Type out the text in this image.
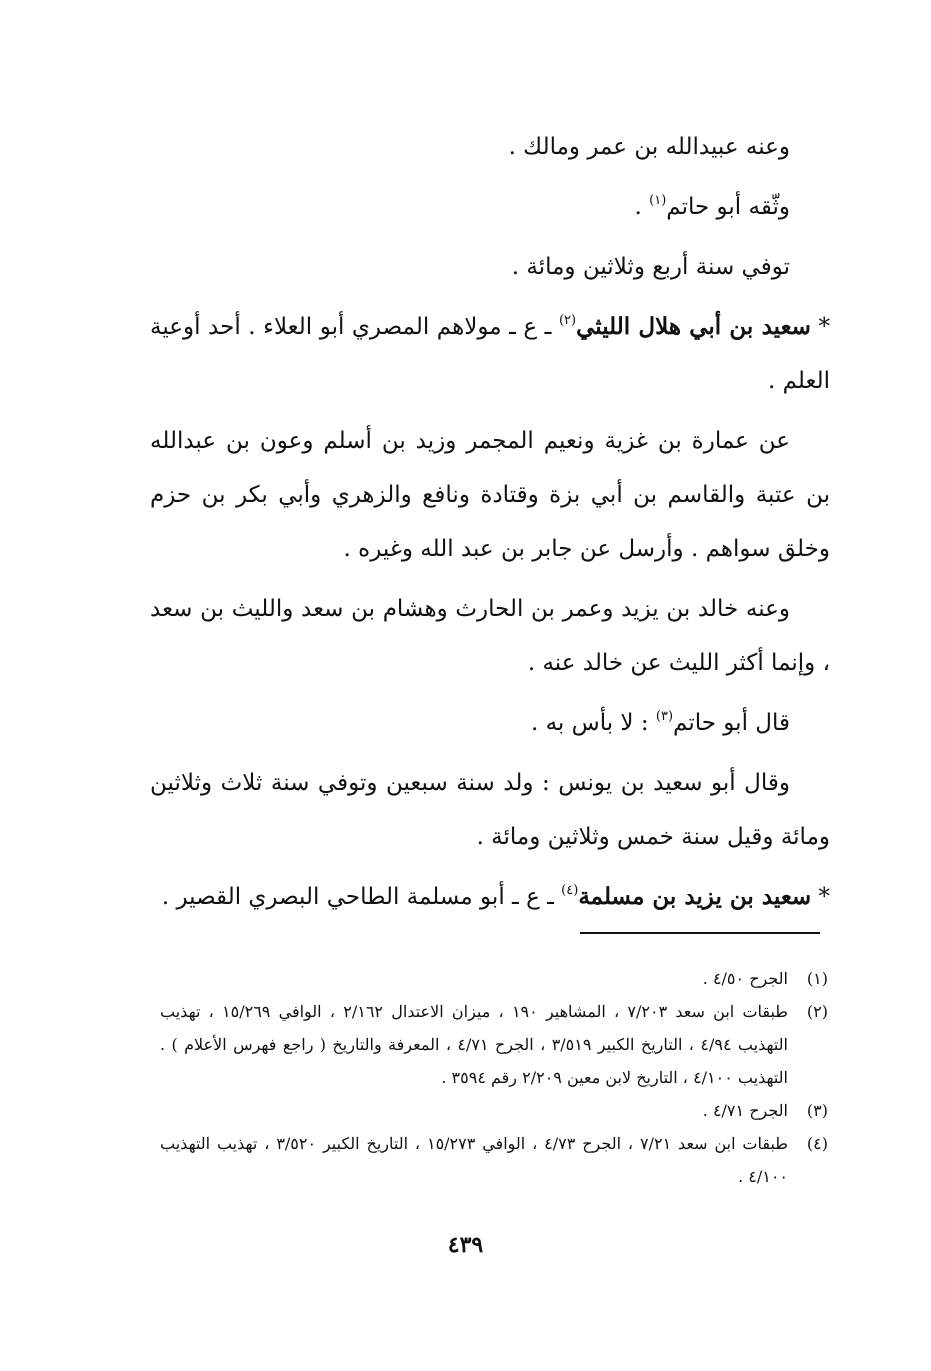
وعنه عبيدالله بن عمر ومالك .

وثّقه أبو حاتم$^{(١)}$ .

توفي سنة أربع وثلاثين ومائة .

* سعيد بن أبي هلال الليثي$^{(٢)}$ ـ ع ـ مولاهم المصري أبو العلاء . أحد أوعية العلم .

عن عمارة بن غزية ونعيم المجمر وزيد بن أسلم وعون بن عبدالله بن عتبة والقاسم بن أبي بزة وقتادة ونافع والزهري وأبي بكر بن حزم وخلق سواهم . وأرسل عن جابر بن عبد الله وغيره .

وعنه خالد بن يزيد وعمر بن الحارث وهشام بن سعد والليث بن سعد ، وإنما أكثر الليث عن خالد عنه .

قال أبو حاتم$^{(٣)}$ : لا بأس به .

وقال أبو سعيد بن يونس : ولد سنة سبعين وتوفي سنة ثلاث وثلاثين ومائة وقيل سنة خمس وثلاثين ومائة .

* سعيد بن يزيد بن مسلمة$^{(٤)}$ ـ ع ـ أبو مسلمة الطاحي البصري القصير .

(١)
الجرح ٤/٥٠ .
(٢)
طبقات ابن سعد ٧/٢٠٣ ، المشاهير ١٩٠ ، ميزان الاعتدال ٢/١٦٢ ، الوافي ١٥/٢٦٩ ، تهذيب التهذيب ٤/٩٤ ، التاريخ الكبير ٣/٥١٩ ، الجرح ٤/٧١ ، المعرفة والتاريخ ( راجع فهرس الأعلام ) . التهذيب ٤/١٠٠ ، التاريخ لابن معين ٢/٢٠٩ رقم ٣٥٩٤ .
(٣)
الجرح ٤/٧١ .
(٤)
طبقات ابن سعد ٧/٢١ ، الجرح ٤/٧٣ ، الوافي ١٥/٢٧٣ ، التاريخ الكبير ٣/٥٢٠ ، تهذيب التهذيب ٤/١٠٠ .
٤٣٩
